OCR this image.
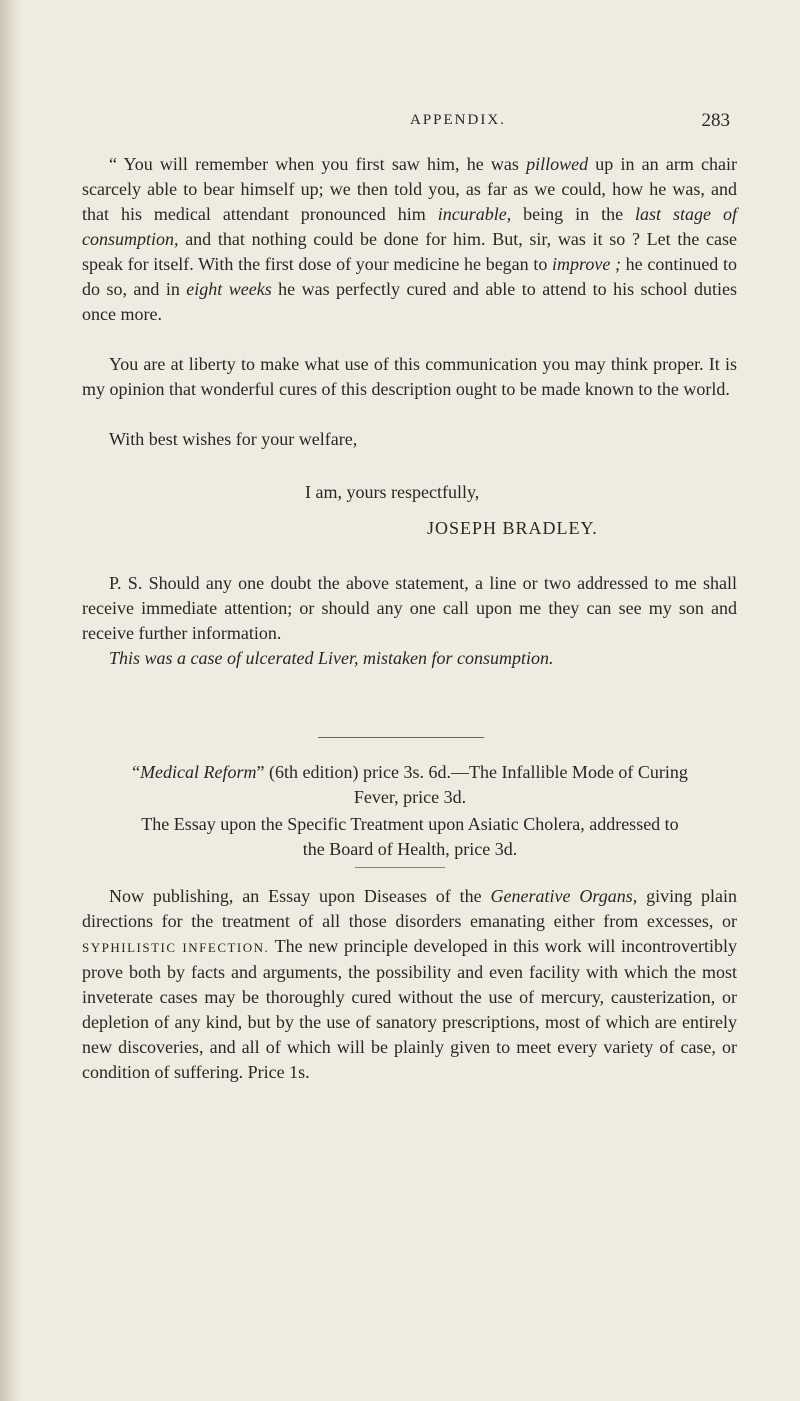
APPENDIX.	283

“ You will remember when you first saw him, he was pillowed up in an arm chair scarcely able to bear himself up; we then told you, as far as we could, how he was, and that his medical attendant pronounced him incurable, being in the last stage of consumption, and that nothing could be done for him. But, sir, was it so ? Let the case speak for itself. With the first dose of your medicine he began to improve ; he continued to do so, and in eight weeks he was perfectly cured and able to attend to his school duties once more.

You are at liberty to make what use of this communication you may think proper. It is my opinion that wonderful cures of this description ought to be made known to the world.

With best wishes for your welfare,

I am, yours respectfully,

JOSEPH BRADLEY.

P. S. Should any one doubt the above statement, a line or two addressed to me shall receive immediate attention; or should any one call upon me they can see my son and receive further information.

This was a case of ulcerated Liver, mistaken for consumption.

“Medical Reform” (6th edition) price 3s. 6d.—The Infallible Mode of Curing Fever, price 3d.

The Essay upon the Specific Treatment upon Asiatic Cholera, addressed to the Board of Health, price 3d.

Now publishing, an Essay upon Diseases of the Generative Organs, giving plain directions for the treatment of all those disorders emanating either from excesses, or SYPHILISTIC INFECTION. The new principle developed in this work will incontrovertibly prove both by facts and arguments, the possibility and even facility with which the most inveterate cases may be thoroughly cured without the use of mercury, causterization, or depletion of any kind, but by the use of sanatory prescriptions, most of which are entirely new discoveries, and all of which will be plainly given to meet every variety of case, or condition of suffering. Price 1s.
